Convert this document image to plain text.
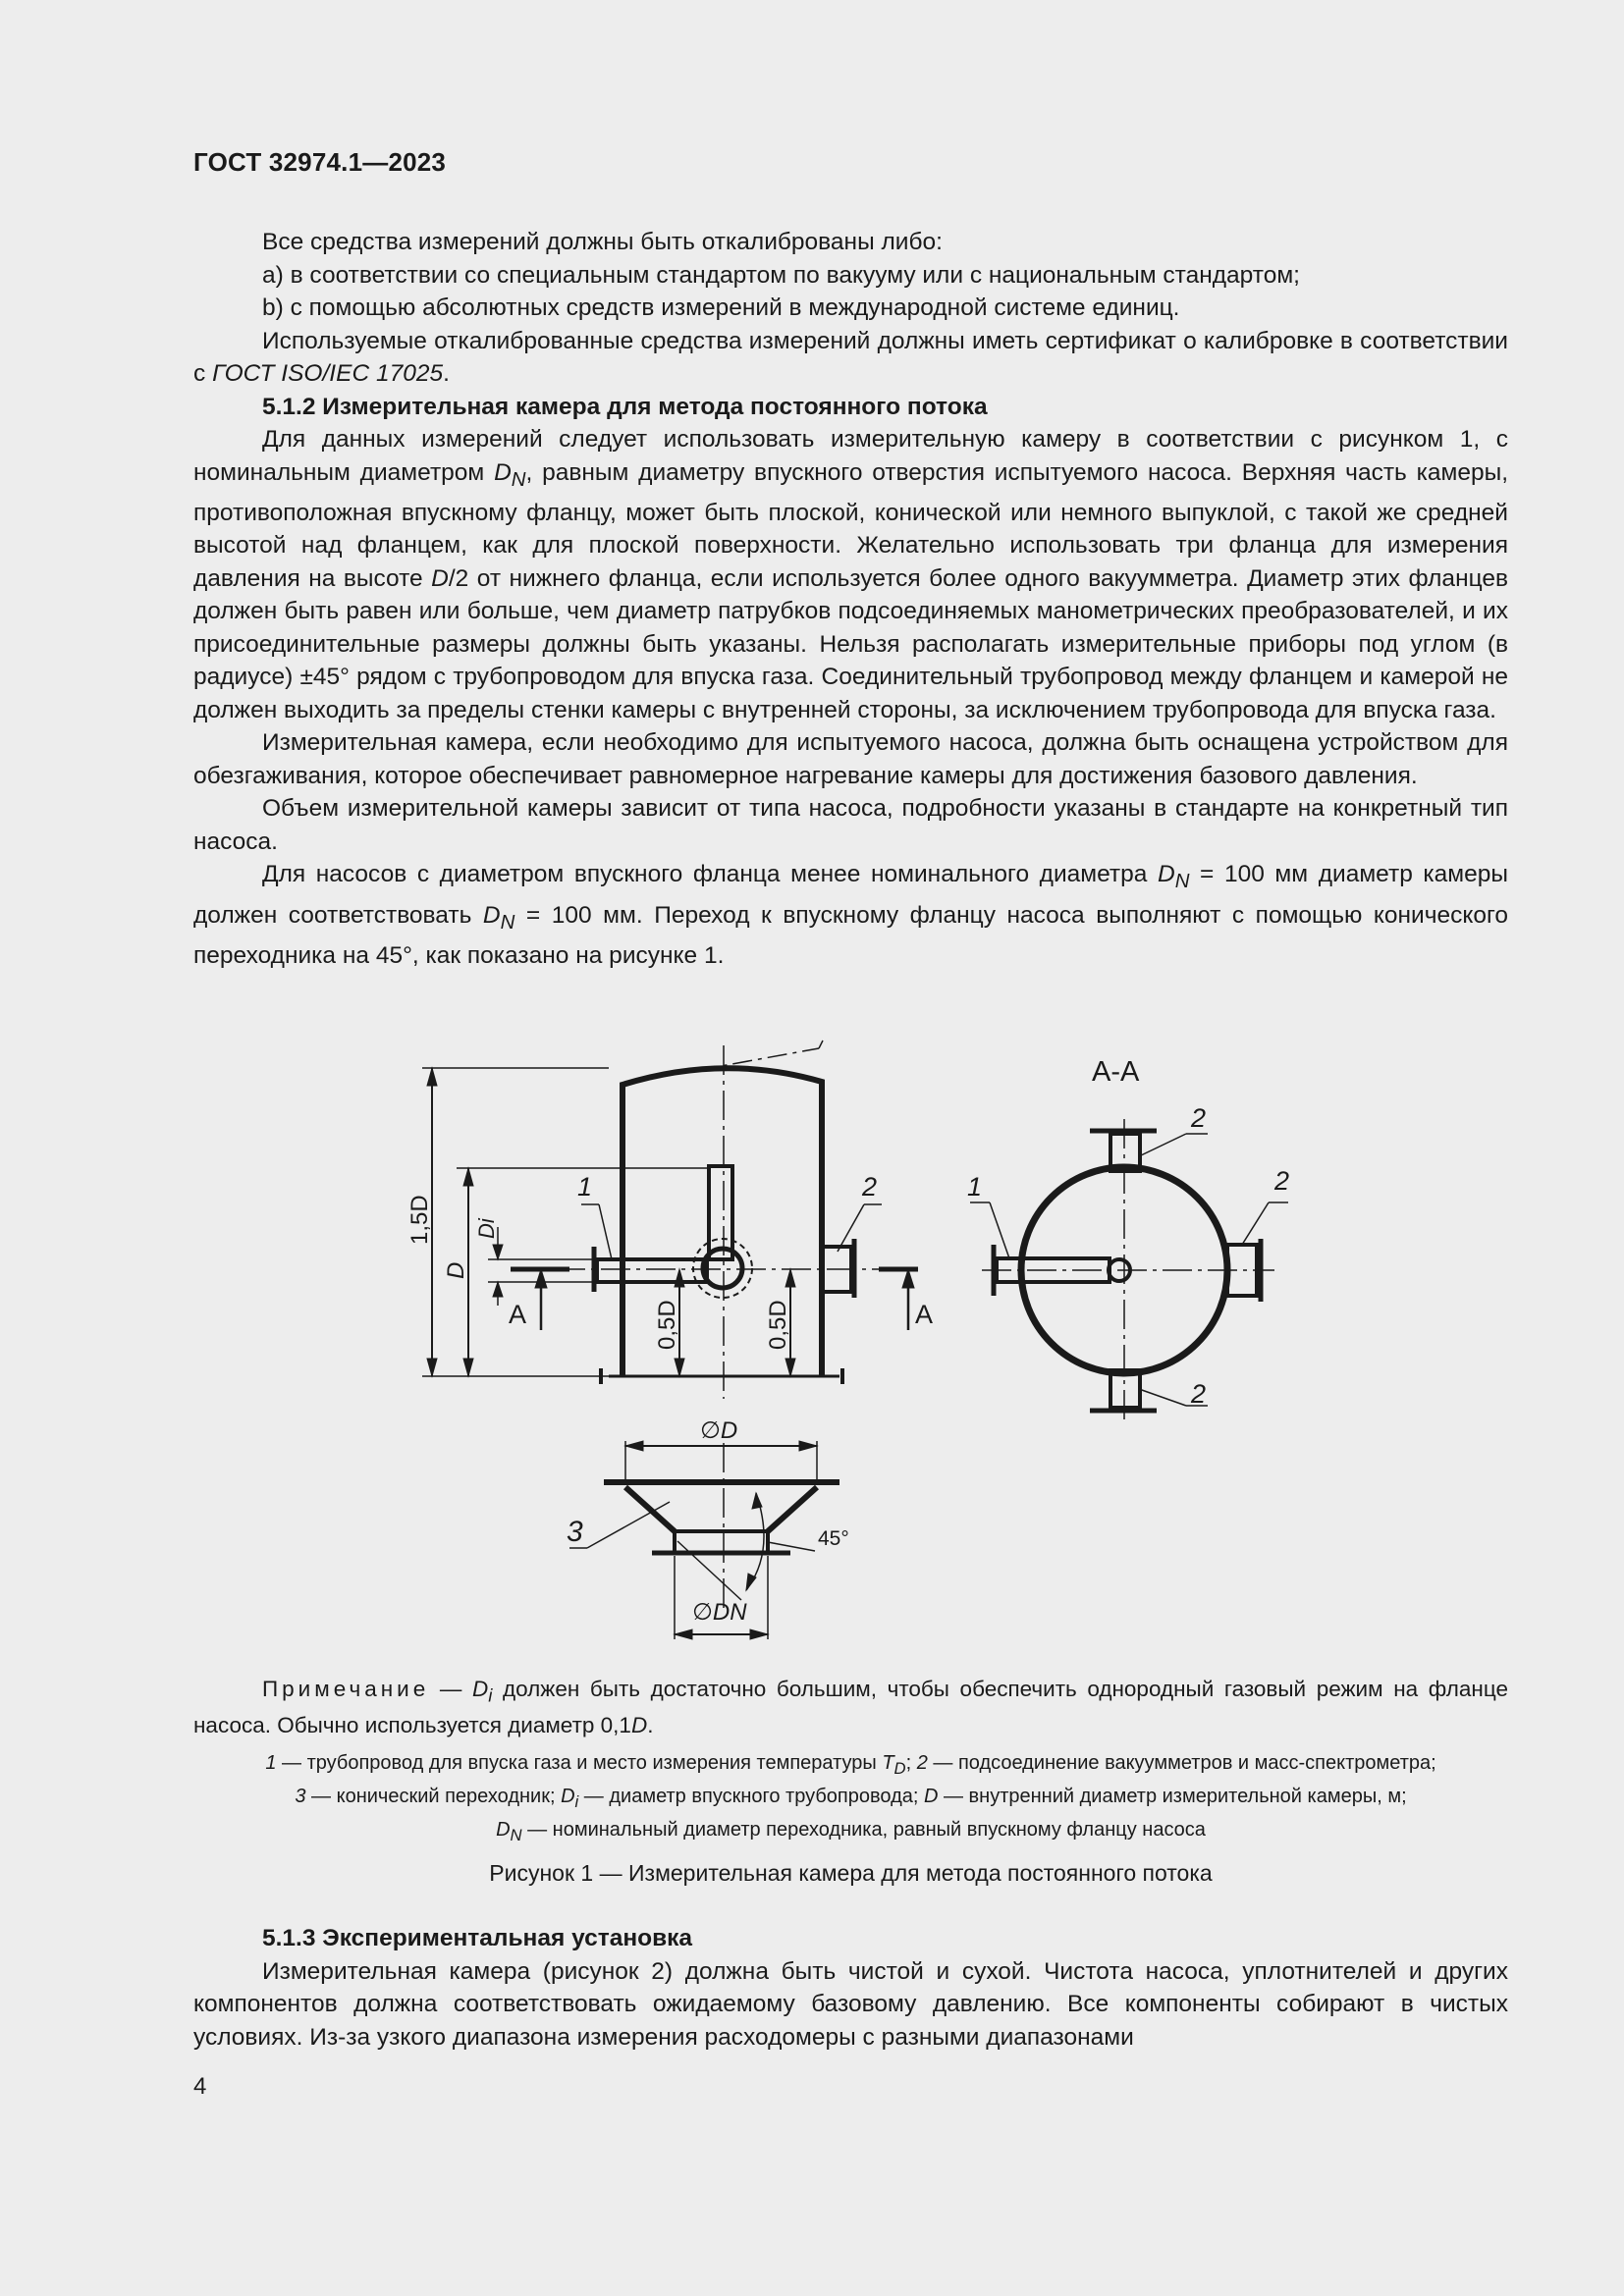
ГОСТ 32974.1—2023

Все средства измерений должны быть откалиброваны либо:

a) в соответствии со специальным стандартом по вакууму или с национальным стандартом;

b) с помощью абсолютных средств измерений в международной системе единиц.

Используемые откалиброванные средства измерений должны иметь сертификат о калибровке в соответствии с ГОСТ ISO/IEC 17025.

5.1.2 Измерительная камера для метода постоянного потока

Для данных измерений следует использовать измерительную камеру в соответствии с рисунком 1, с номинальным диаметром $D_N$, равным диаметру впускного отверстия испытуемого насоса. Верхняя часть камеры, противоположная впускному фланцу, может быть плоской, конической или немного выпуклой, с такой же средней высотой над фланцем, как для плоской поверхности. Желательно использовать три фланца для измерения давления на высоте D/2 от нижнего фланца, если используется более одного вакуумметра. Диаметр этих фланцев должен быть равен или больше, чем диаметр патрубков подсоединяемых манометрических преобразователей, и их присоединительные размеры должны быть указаны. Нельзя располагать измерительные приборы под углом (в радиусе) ±45° рядом с трубопроводом для впуска газа. Соединительный трубопровод между фланцем и камерой не должен выходить за пределы стенки камеры с внутренней стороны, за исключением трубопровода для впуска газа.

Измерительная камера, если необходимо для испытуемого насоса, должна быть оснащена устройством для обезгаживания, которое обеспечивает равномерное нагревание камеры для достижения базового давления.

Объем измерительной камеры зависит от типа насоса, подробности указаны в стандарте на конкретный тип насоса.

Для насосов с диаметром впускного фланца менее номинального диаметра $D_N = 100$ мм диаметр камеры должен соответствовать $D_N = 100$ мм. Переход к впускному фланцу насоса выполняют с помощью конического переходника на 45°, как показано на рисунке 1.

А-А
1,5D
D
Di
0,5D	0,5D
А	А
1	2	1
2
2
2
3
∅D
∅DN
45°

Примечание — $D_i$ должен быть достаточно большим, чтобы обеспечить однородный газовый режим на фланце насоса. Обычно используется диаметр 0,1D.

1 — трубопровод для впуска газа и место измерения температуры $T_D$; 2 — подсоединение вакуумметров и масс-спектрометра;
3 — конический переходник; $D_i$ — диаметр впускного трубопровода; D — внутренний диаметр измерительной камеры, м;
$D_N$ — номинальный диаметр переходника, равный впускному фланцу насоса
Рисунок 1 — Измерительная камера для метода постоянного потока

5.1.3 Экспериментальная установка

Измерительная камера (рисунок 2) должна быть чистой и сухой. Чистота насоса, уплотнителей и других компонентов должна соответствовать ожидаемому базовому давлению. Все компоненты собирают в чистых условиях. Из-за узкого диапазона измерения расходомеры с разными диапазонами

4
